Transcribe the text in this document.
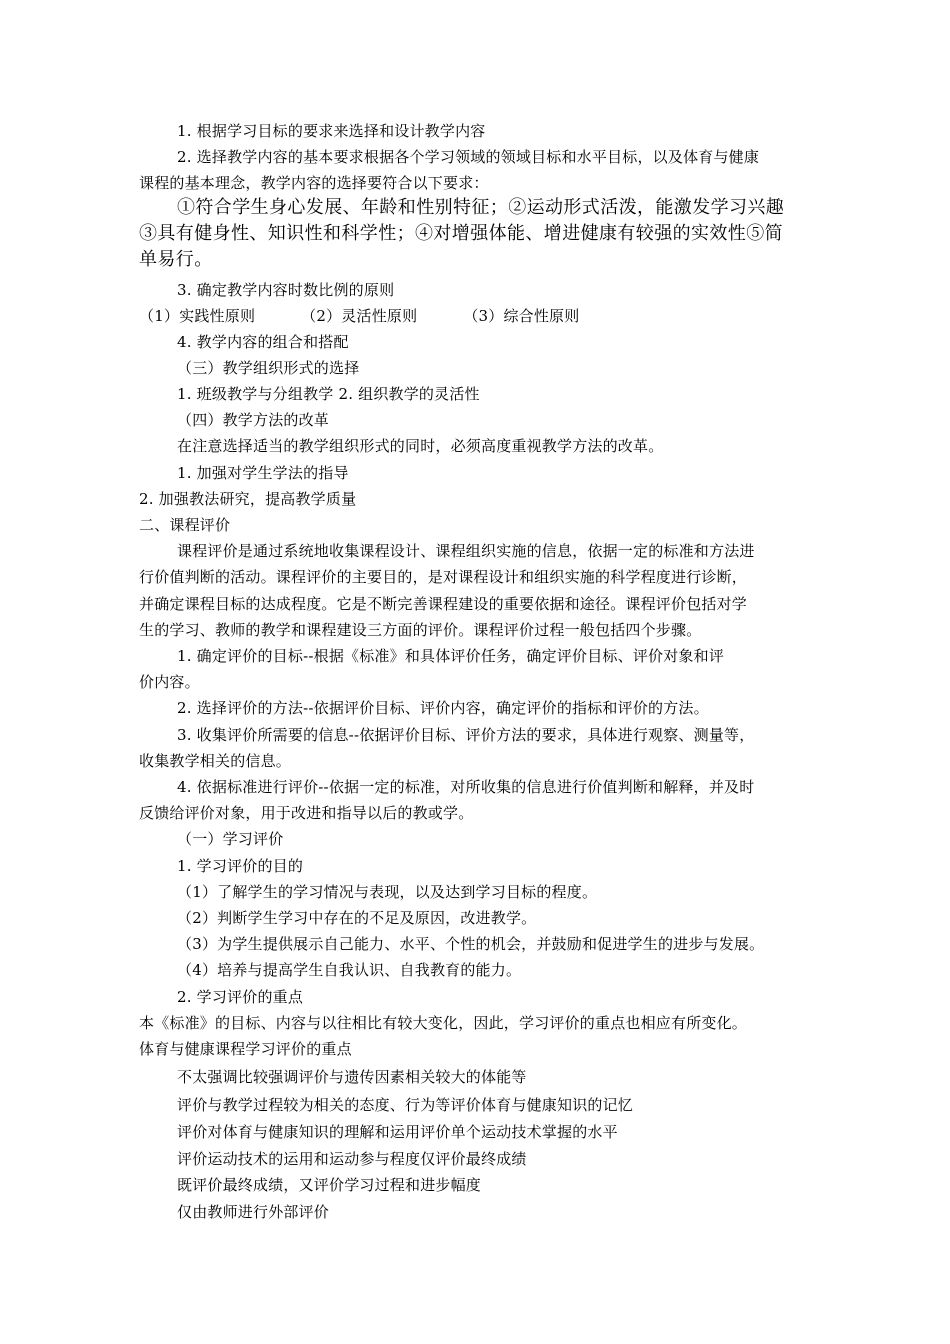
1. 根据学习目标的要求来选择和设计教学内容
2. 选择教学内容的基本要求根据各个学习领域的领域目标和水平目标，以及体育与健康
课程的基本理念，教学内容的选择要符合以下要求：
①符合学生身心发展、年龄和性别特征；②运动形式活泼，能激发学习兴趣
③具有健身性、知识性和科学性；④对增强体能、增进健康有较强的实效性⑤简
单易行。
3. 确定教学内容时数比例的原则
（1）实践性原则	（2）灵活性原则	（3）综合性原则
4. 教学内容的组合和搭配
（三）教学组织形式的选择
1. 班级教学与分组教学 2. 组织教学的灵活性
（四）教学方法的改革
在注意选择适当的教学组织形式的同时，必须高度重视教学方法的改革。
1. 加强对学生学法的指导
2. 加强教法研究，提高教学质量
二、课程评价
课程评价是通过系统地收集课程设计、课程组织实施的信息，依据一定的标准和方法进
行价值判断的活动。课程评价的主要目的，是对课程设计和组织实施的科学程度进行诊断，
并确定课程目标的达成程度。它是不断完善课程建设的重要依据和途径。课程评价包括对学
生的学习、教师的教学和课程建设三方面的评价。课程评价过程一般包括四个步骤。
1. 确定评价的目标--根据《标准》和具体评价任务，确定评价目标、评价对象和评
价内容。
2. 选择评价的方法--依据评价目标、评价内容，确定评价的指标和评价的方法。
3. 收集评价所需要的信息--依据评价目标、评价方法的要求，具体进行观察、测量等，
收集教学相关的信息。
4. 依据标准进行评价--依据一定的标准，对所收集的信息进行价值判断和解释，并及时
反馈给评价对象，用于改进和指导以后的教或学。
（一）学习评价
1. 学习评价的目的
（1）了解学生的学习情况与表现，以及达到学习目标的程度。
（2）判断学生学习中存在的不足及原因，改进教学。
（3）为学生提供展示自己能力、水平、个性的机会，并鼓励和促进学生的进步与发展。
（4）培养与提高学生自我认识、自我教育的能力。
2. 学习评价的重点
本《标准》的目标、内容与以往相比有较大变化，因此，学习评价的重点也相应有所变化。
体育与健康课程学习评价的重点
不太强调比较强调评价与遗传因素相关较大的体能等
评价与教学过程较为相关的态度、行为等评价体育与健康知识的记忆
评价对体育与健康知识的理解和运用评价单个运动技术掌握的水平
评价运动技术的运用和运动参与程度仅评价最终成绩
既评价最终成绩，又评价学习过程和进步幅度
仅由教师进行外部评价
